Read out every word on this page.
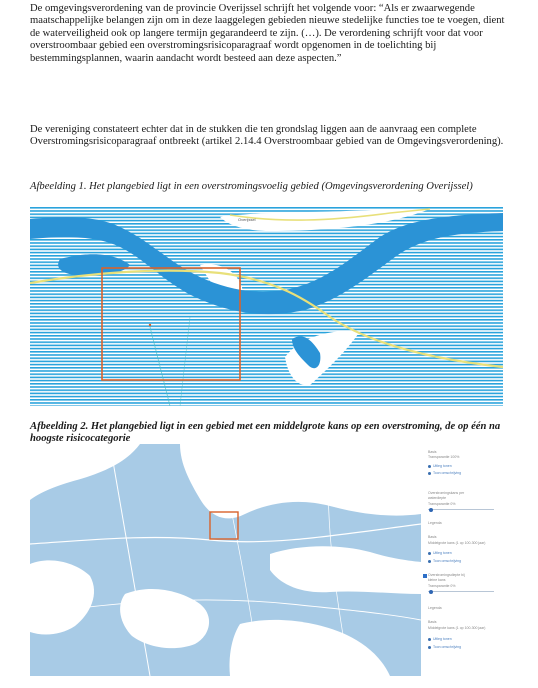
De omgevingsverordening van de provincie Overijssel schrijft het volgende voor: “Als er zwaarwegende maatschappelijke belangen zijn om in deze laaggelegen gebieden nieuwe stedelijke functies toe te voegen, dient de waterveiligheid ook op langere termijn gegarandeerd te zijn. (…). De verordening schrijft voor dat voor overstroombaar gebied een overstromingsrisicoparagraaf wordt opgenomen in de toelichting bij bestemmingsplannen, waarin aandacht wordt besteed aan deze aspecten.”

De vereniging constateert echter dat in de stukken die ten grondslag liggen aan de aanvraag een complete Overstromingsrisicoparagraaf ontbreekt (artikel 2.14.4 Overstroombaar gebied van de Omgevingsverordening).

Afbeelding 1. Het plangebied ligt in een overstromingsvoelig gebied (Omgevingsverordening Overijssel)

Overijssel

Afbeelding 2. Het plangebied ligt in een gebied met een middelgrote kans op een overstroming, de op één na hoogste risicocategorie

Basis
Transparantie 100%
Uitleg tonen
Toon omschrijving
Overstromingskans per
waterdiepte
Transparantie 0%
Legenda
Basis
Middelgrote kans (1 op 100-300 jaar)
Uitleg tonen
Toon omschrijving
Overstromingsdiepte bij
kleine kans
Transparantie 0%
Legenda
Basis
Middelgrote kans (1 op 100-300 jaar)
Uitleg tonen
Toon omschrijving
